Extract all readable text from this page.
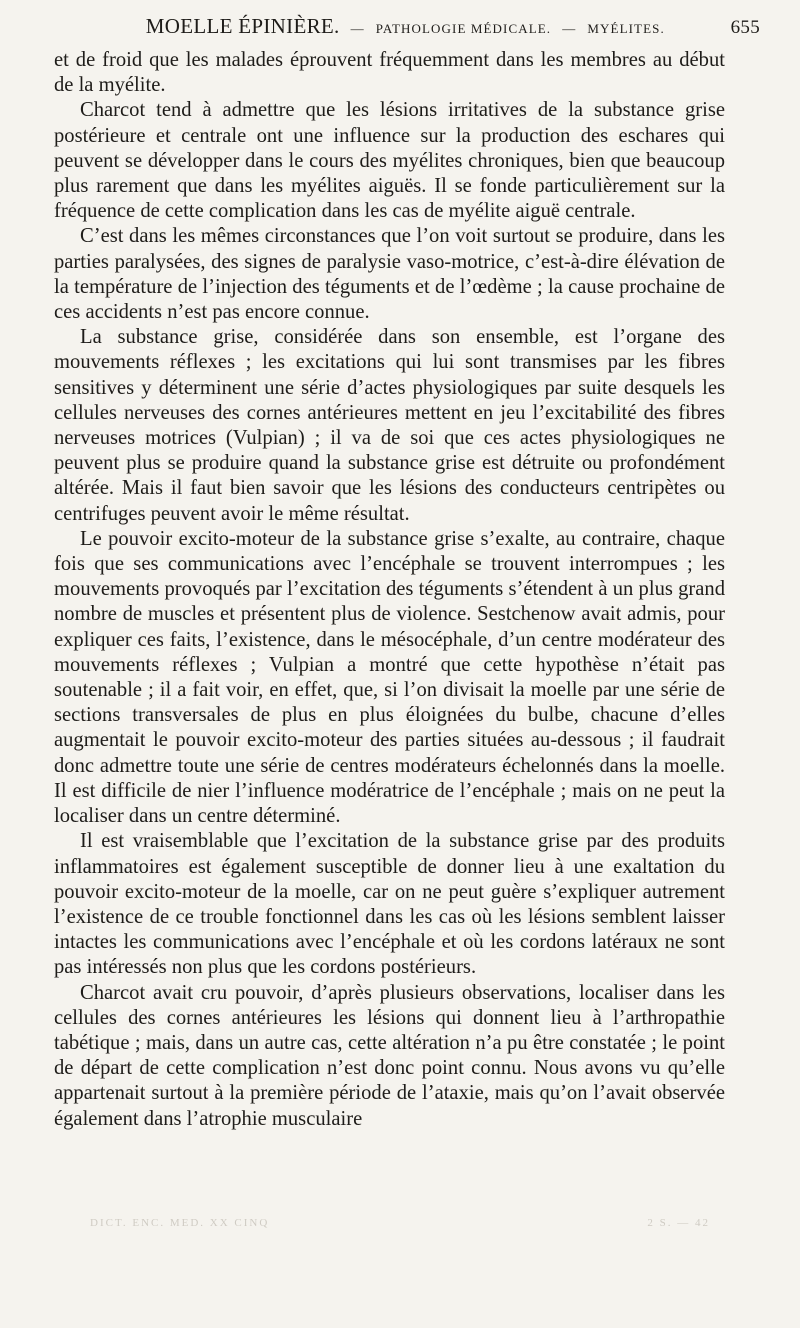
MOELLE ÉPINIÈRE. — PATHOLOGIE MÉDICALE. — MYÉLITES.	655

et de froid que les malades éprouvent fréquemment dans les membres au début de la myélite.

Charcot tend à admettre que les lésions irritatives de la substance grise postérieure et centrale ont une influence sur la production des eschares qui peuvent se développer dans le cours des myélites chroniques, bien que beaucoup plus rarement que dans les myélites aiguës. Il se fonde particulièrement sur la fréquence de cette complication dans les cas de myélite aiguë centrale.

C’est dans les mêmes circonstances que l’on voit surtout se produire, dans les parties paralysées, des signes de paralysie vaso-motrice, c’est-à-dire élévation de la température de l’injection des téguments et de l’œdème ; la cause prochaine de ces accidents n’est pas encore connue.

La substance grise, considérée dans son ensemble, est l’organe des mouvements réflexes ; les excitations qui lui sont transmises par les fibres sensitives y déterminent une série d’actes physiologiques par suite desquels les cellules nerveuses des cornes antérieures mettent en jeu l’excitabilité des fibres nerveuses motrices (Vulpian) ; il va de soi que ces actes physiologiques ne peuvent plus se produire quand la substance grise est détruite ou profondément altérée. Mais il faut bien savoir que les lésions des conducteurs centripètes ou centrifuges peuvent avoir le même résultat.

Le pouvoir excito-moteur de la substance grise s’exalte, au contraire, chaque fois que ses communications avec l’encéphale se trouvent interrompues ; les mouvements provoqués par l’excitation des téguments s’étendent à un plus grand nombre de muscles et présentent plus de violence. Sestchenow avait admis, pour expliquer ces faits, l’existence, dans le mésocéphale, d’un centre modérateur des mouvements réflexes ; Vulpian a montré que cette hypothèse n’était pas soutenable ; il a fait voir, en effet, que, si l’on divisait la moelle par une série de sections transversales de plus en plus éloignées du bulbe, chacune d’elles augmentait le pouvoir excito-moteur des parties situées au-dessous ; il faudrait donc admettre toute une série de centres modérateurs échelonnés dans la moelle. Il est difficile de nier l’influence modératrice de l’encéphale ; mais on ne peut la localiser dans un centre déterminé.

Il est vraisemblable que l’excitation de la substance grise par des produits inflammatoires est également susceptible de donner lieu à une exaltation du pouvoir excito-moteur de la moelle, car on ne peut guère s’expliquer autrement l’existence de ce trouble fonctionnel dans les cas où les lésions semblent laisser intactes les communications avec l’encéphale et où les cordons latéraux ne sont pas intéressés non plus que les cordons postérieurs.

Charcot avait cru pouvoir, d’après plusieurs observations, localiser dans les cellules des cornes antérieures les lésions qui donnent lieu à l’arthropathie tabétique ; mais, dans un autre cas, cette altération n’a pu être constatée ; le point de départ de cette complication n’est donc point connu. Nous avons vu qu’elle appartenait surtout à la première période de l’ataxie, mais qu’on l’avait observée également dans l’atrophie musculaire

DICT. ENC. MED. XX CINQ	2 S. — 42
